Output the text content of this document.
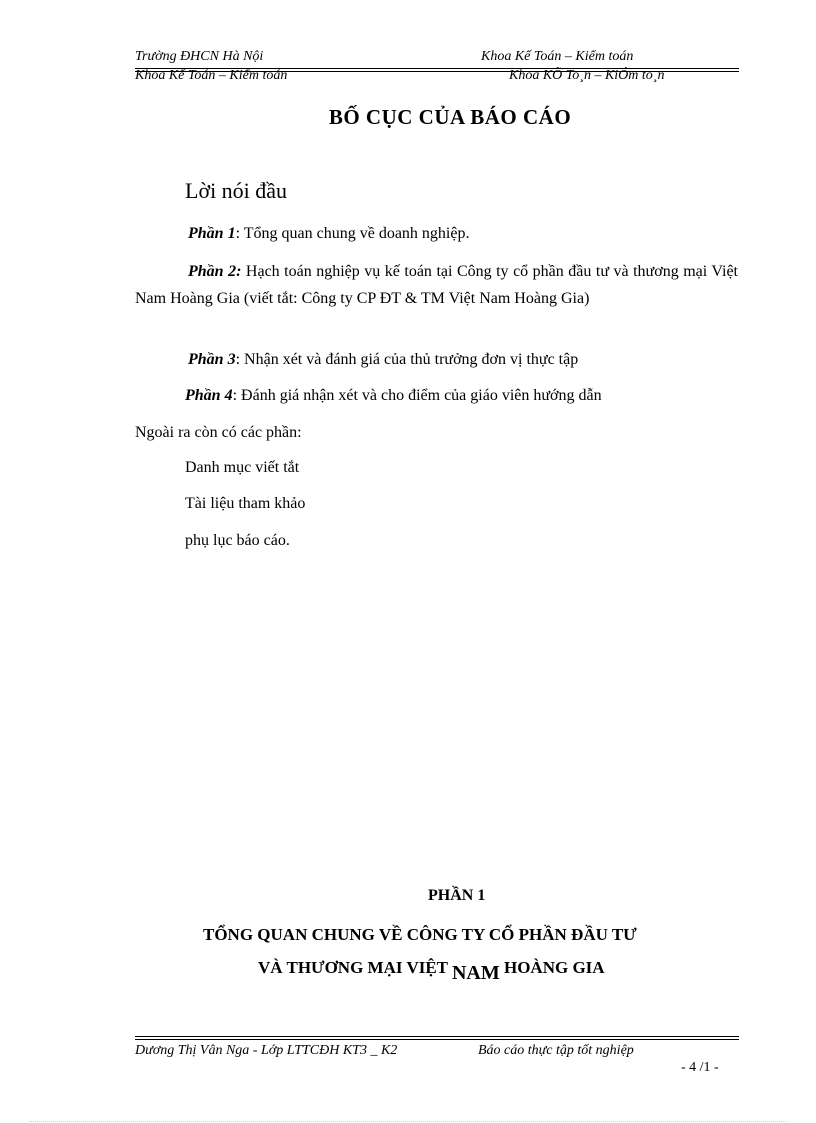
Trường ĐHCN Hà Nội	Khoa Kế Toán – Kiểm toán
Khoa Kế Toán – Kiểm toán	Khoa KÕ To¸n – KiÓm to¸n
BỐ CỤC CỦA BÁO CÁO
Lời nói đầu
Phần 1: Tổng quan chung về doanh nghiệp.
Phần 2: Hạch toán nghiệp vụ kế toán tại Công ty cổ phần đầu tư và thương mại Việt Nam Hoàng Gia (viết tắt: Công ty CP ĐT & TM Việt Nam Hoàng Gia)
Phần 3: Nhận xét và đánh giá của thủ trưởng đơn vị thực tập
Phần 4: Đánh giá nhận xét và cho điểm của giáo viên hướng dẫn
Ngoài ra còn có các phần:
Danh mục viết tắt
Tài liệu tham khảo
phụ lục báo cáo.
PHẦN 1
TỔNG QUAN CHUNG VỀ CÔNG TY CỔ PHẦN ĐẦU TƯ
VÀ THƯƠNG MẠI VIỆT NAM HOÀNG GIA
Dương Thị Vân Nga - Lớp LTTCĐH KT3 _ K2	Báo cáo thực tập tốt nghiệp
- 4 /1 -
